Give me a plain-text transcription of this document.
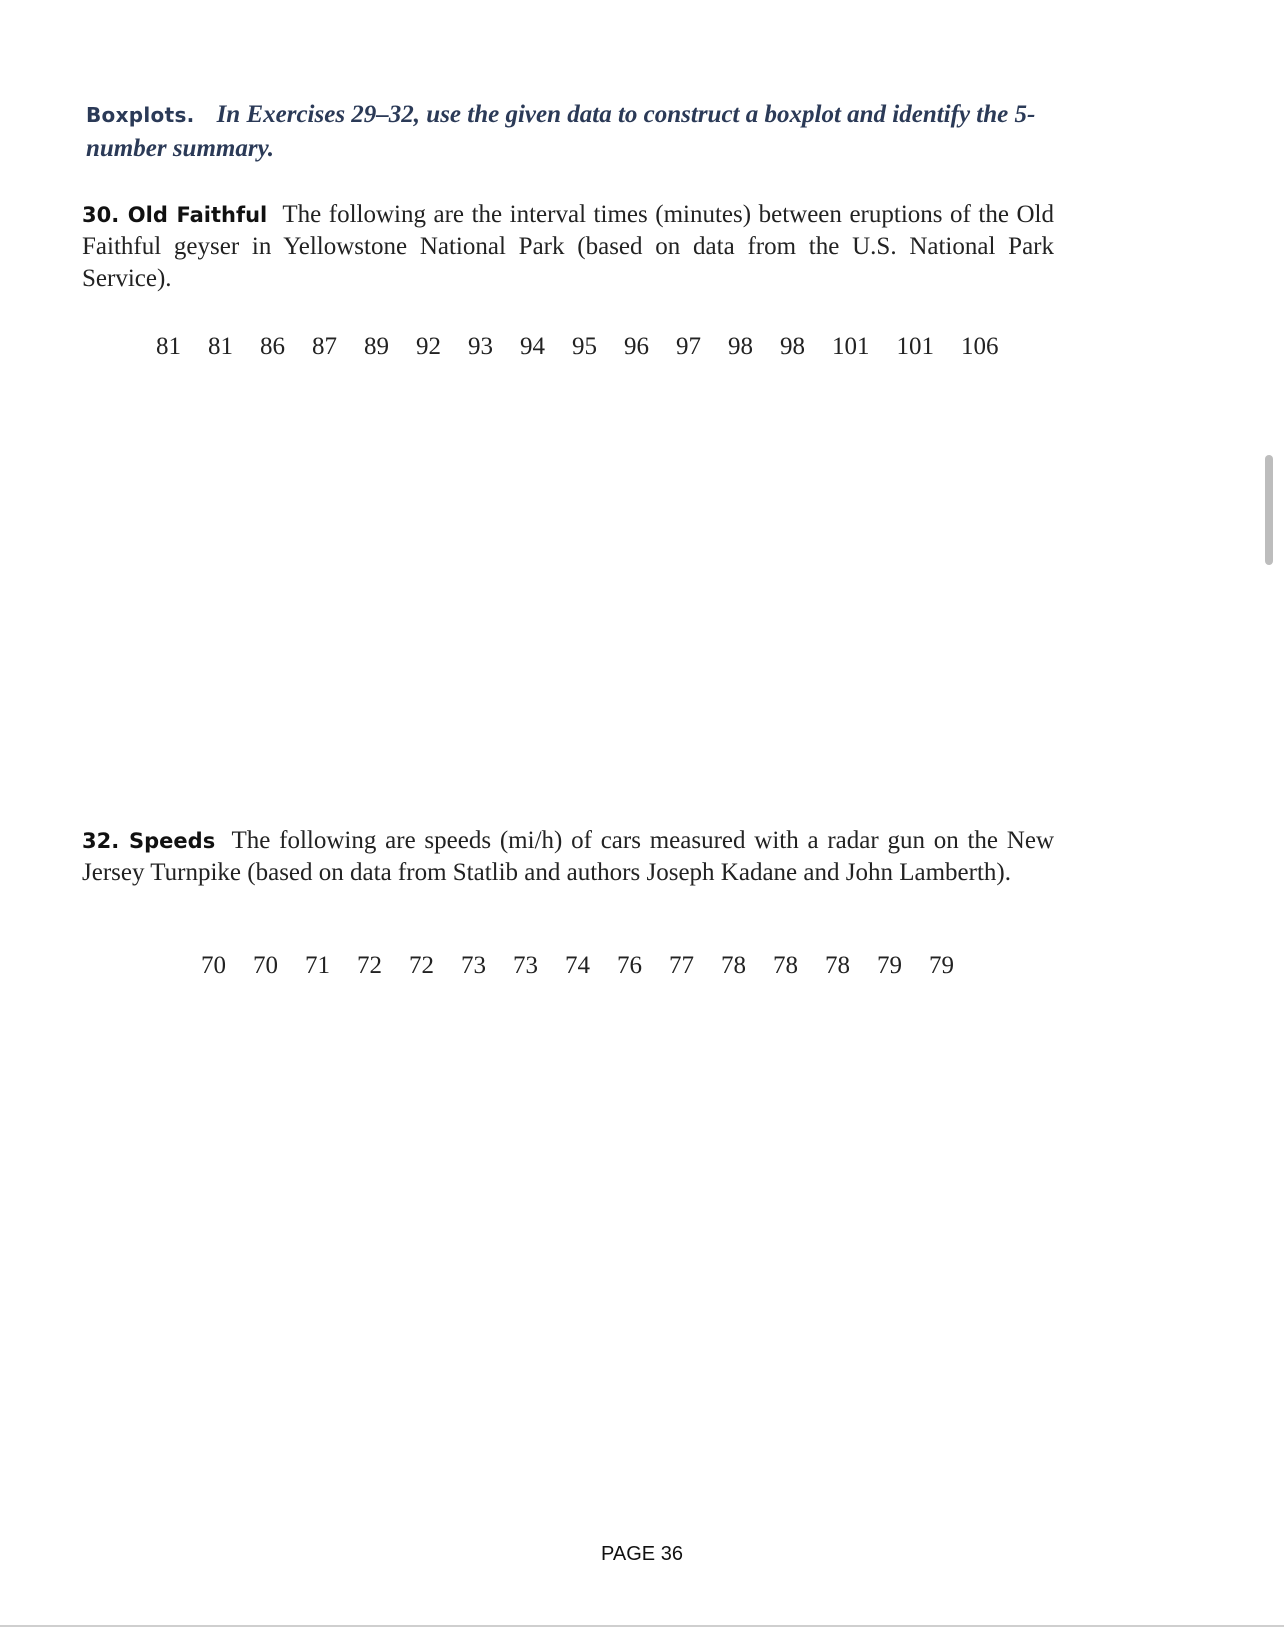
Boxplots. In Exercises 29–32, use the given data to construct a boxplot and identify the 5-number summary.
30. Old Faithful The following are the interval times (minutes) between eruptions of the Old Faithful geyser in Yellowstone National Park (based on data from the U.S. National Park Service).
81 81 86 87 89 92 93 94 95 96 97 98 98 101 101 106
32. Speeds The following are speeds (mi/h) of cars measured with a radar gun on the New Jersey Turnpike (based on data from Statlib and authors Joseph Kadane and John Lamberth).
70 70 71 72 72 73 73 74 76 77 78 78 78 79 79
PAGE 36
